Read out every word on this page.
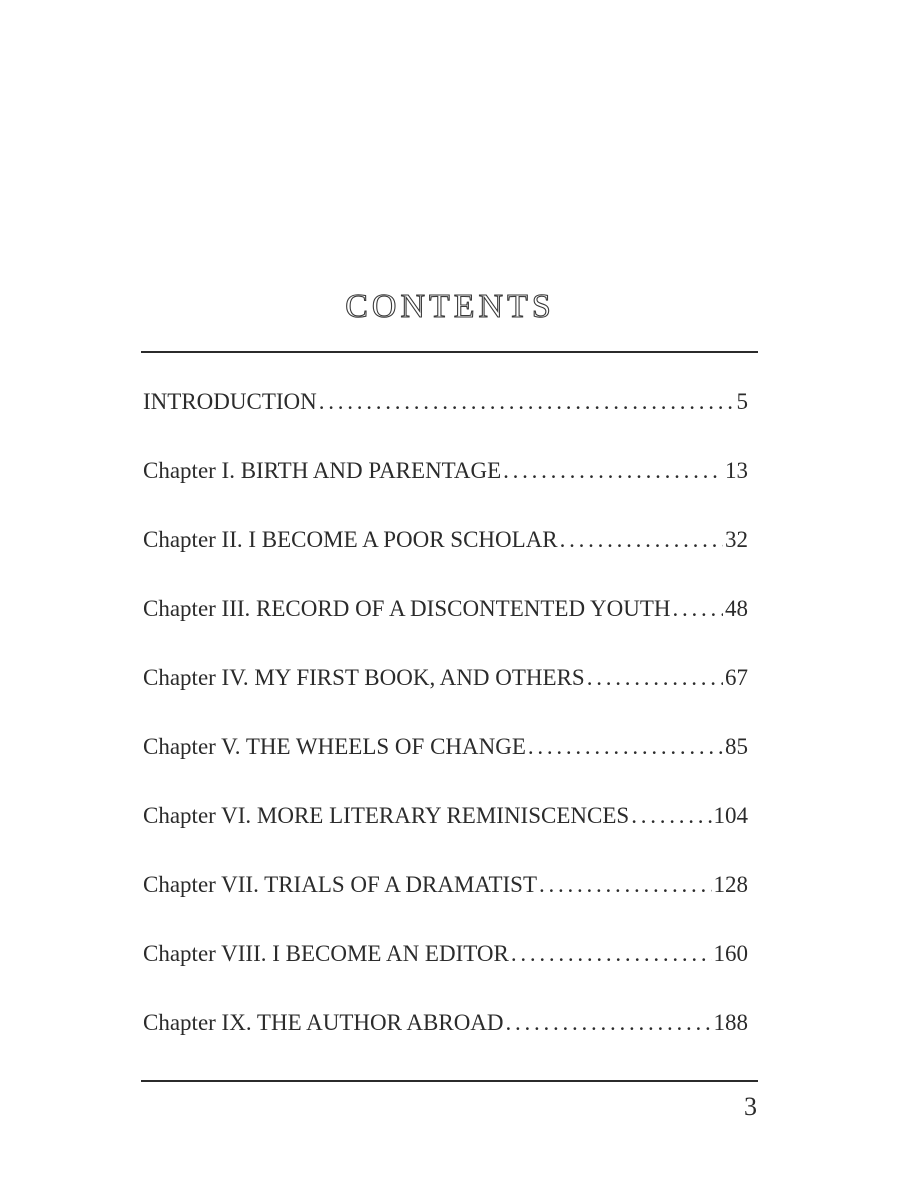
CONTENTS
INTRODUCTION . . .	5
Chapter I. BIRTH AND PARENTAGE . . .	13
Chapter II. I BECOME A POOR SCHOLAR . . .	32
Chapter III. RECORD OF A DISCONTENTED YOUTH . . . 48
Chapter IV. MY FIRST BOOK, AND OTHERS . . .	67
Chapter V. THE WHEELS OF CHANGE . . .	85
Chapter VI. MORE LITERARY REMINISCENCES . . .	104
Chapter VII. TRIALS OF A DRAMATIST . . .	128
Chapter VIII. I BECOME AN EDITOR . . .	160
Chapter IX. THE AUTHOR ABROAD . . .	188
3
